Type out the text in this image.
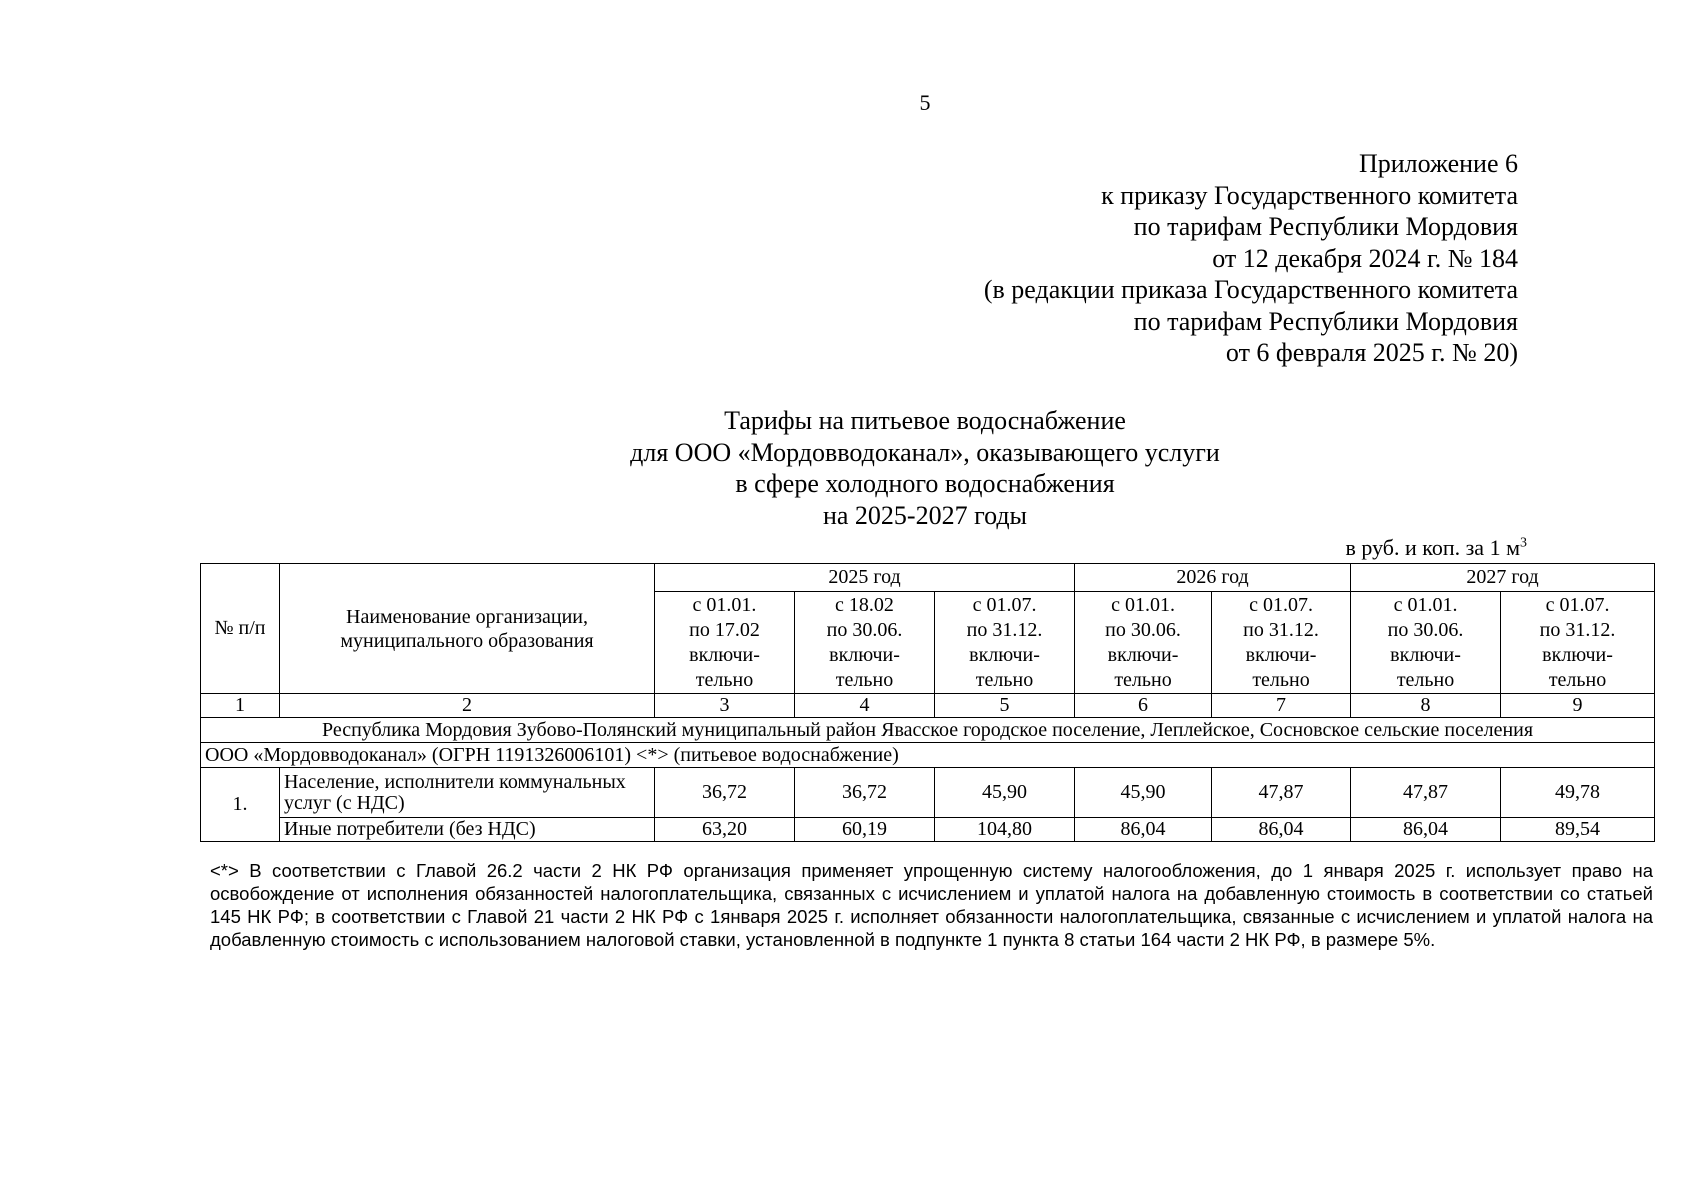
5
Приложение 6
к приказу Государственного комитета
по тарифам Республики Мордовия
от 12 декабря 2024 г. № 184
(в редакции приказа Государственного комитета
по тарифам Республики Мордовия
от 6 февраля 2025 г. № 20)
Тарифы на питьевое водоснабжение
для ООО «Мордовводоканал», оказывающего услуги
в сфере холодного водоснабжения
на 2025-2027 годы
в руб. и коп. за 1 $м^3$
№ п/п	Наименование организации, муниципального образования	2025 год			2026 год		2027 год	
		с 01.01.
по 17.02
включи-
тельно	с 18.02
по 30.06.
включи-
тельно	с 01.07.
по 31.12.
включи-
тельно	с 01.01.
по 30.06.
включи-
тельно	с 01.07.
по 31.12.
включи-
тельно	с 01.01.
по 30.06.
включи-
тельно	с 01.07.
по 31.12.
включи-
тельно
1	2	3	4	5	6	7	8	9
Республика Мордовия Зубово-Полянский муниципальный район Явасское городское поселение, Леплейское, Сосновское сельские поселения								
ООО «Мордовводоканал» (ОГРН 1191326006101) <*> (питьевое водоснабжение)								
1.	Население, исполнители коммунальных услуг (с НДС)	36,72	36,72	45,90	45,90	47,87	47,87	49,78
	Иные потребители (без НДС)	63,20	60,19	104,80	86,04	86,04	86,04	89,54
<*> В соответствии с Главой 26.2 части 2 НК РФ организация применяет упрощенную систему налогообложения, до 1 января 2025 г. использует право на освобождение от исполнения обязанностей налогоплательщика, связанных с исчислением и уплатой налога на добавленную стоимость в соответствии со статьей 145 НК РФ; в соответствии с Главой 21 части 2 НК РФ с 1января 2025 г. исполняет обязанности налогоплательщика, связанные с исчислением и уплатой налога на добавленную стоимость с использованием налоговой ставки, установленной в подпункте 1 пункта 8 статьи 164 части 2 НК РФ, в размере 5%.
